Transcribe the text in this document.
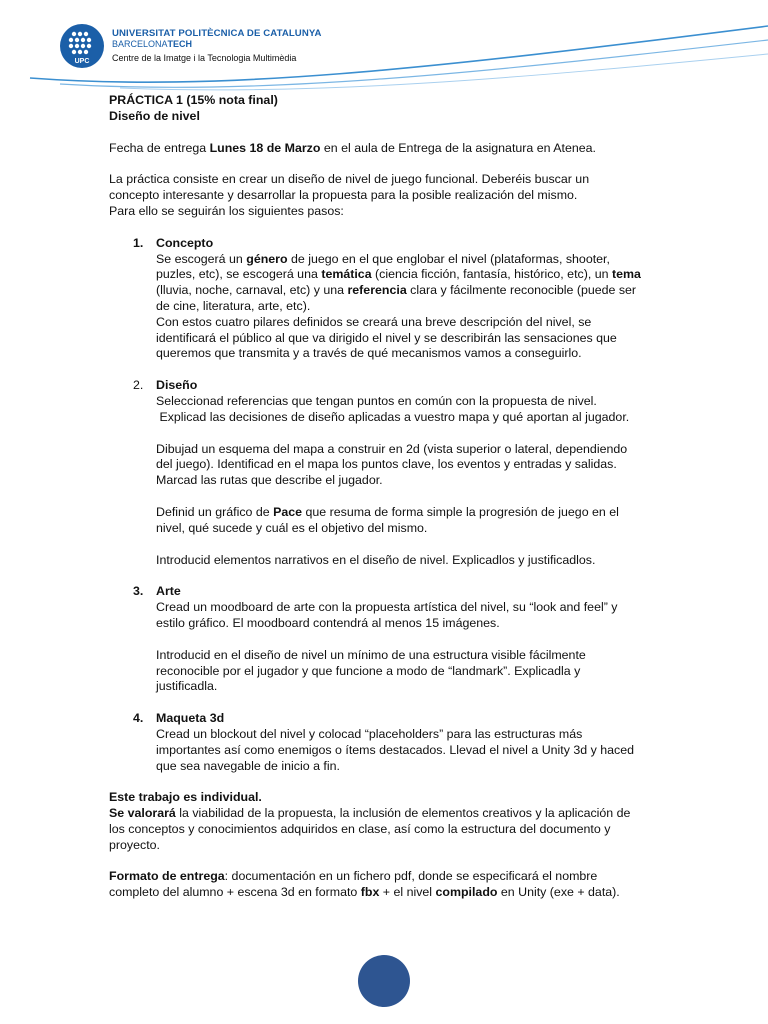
UPC
UNIVERSITAT POLITÈCNICA DE CATALUNYA
BARCELONATECH
Centre de la Imatge i la Tecnologia Multimèdia

PRÁCTICA 1 (15% nota final)

Diseño de nivel

Fecha de entrega Lunes 18 de Marzo en el aula de Entrega de la asignatura en Atenea.

La práctica consiste en crear un diseño de nivel de juego funcional. Deberéis buscar un

concepto interesante y desarrollar la propuesta para la posible realización del mismo.

Para ello se seguirán los siguientes pasos:

1. Concepto

Se escogerá un género de juego en el que englobar el nivel (plataformas, shooter,

puzles, etc), se escogerá una temática (ciencia ficción, fantasía, histórico, etc), un tema

(lluvia, noche, carnaval, etc) y una referencia clara y fácilmente reconocible (puede ser

de cine, literatura, arte, etc).

Con estos cuatro pilares definidos se creará una breve descripción del nivel, se

identificará el público al que va dirigido el nivel y se describirán las sensaciones que

queremos que transmita y a través de qué mecanismos vamos a conseguirlo.

2. Diseño

Seleccionad referencias que tengan puntos en común con la propuesta de nivel.

Explicad las decisiones de diseño aplicadas a vuestro mapa y qué aportan al jugador.

Dibujad un esquema del mapa a construir en 2d (vista superior o lateral, dependiendo

del juego). Identificad en el mapa los puntos clave, los eventos y entradas y salidas.

Marcad las rutas que describe el jugador.

Definid un gráfico de Pace que resuma de forma simple la progresión de juego en el

nivel, qué sucede y cuál es el objetivo del mismo.

Introducid elementos narrativos en el diseño de nivel. Explicadlos y justificadlos.

3. Arte

Cread un moodboard de arte con la propuesta artística del nivel, su “look and feel” y

estilo gráfico. El moodboard contendrá al menos 15 imágenes.

Introducid en el diseño de nivel un mínimo de una estructura visible fácilmente

reconocible por el jugador y que funcione a modo de “landmark”. Explicadla y

justificadla.

4. Maqueta 3d

Cread un blockout del nivel y colocad “placeholders” para las estructuras más

importantes así como enemigos o ítems destacados. Llevad el nivel a Unity 3d y haced

que sea navegable de inicio a fin.

Este trabajo es individual.

Se valorará la viabilidad de la propuesta, la inclusión de elementos creativos y la aplicación de

los conceptos y conocimientos adquiridos en clase, así como la estructura del documento y

proyecto.

Formato de entrega: documentación en un fichero pdf, donde se especificará el nombre

completo del alumno + escena 3d en formato fbx + el nivel compilado en Unity (exe + data).
